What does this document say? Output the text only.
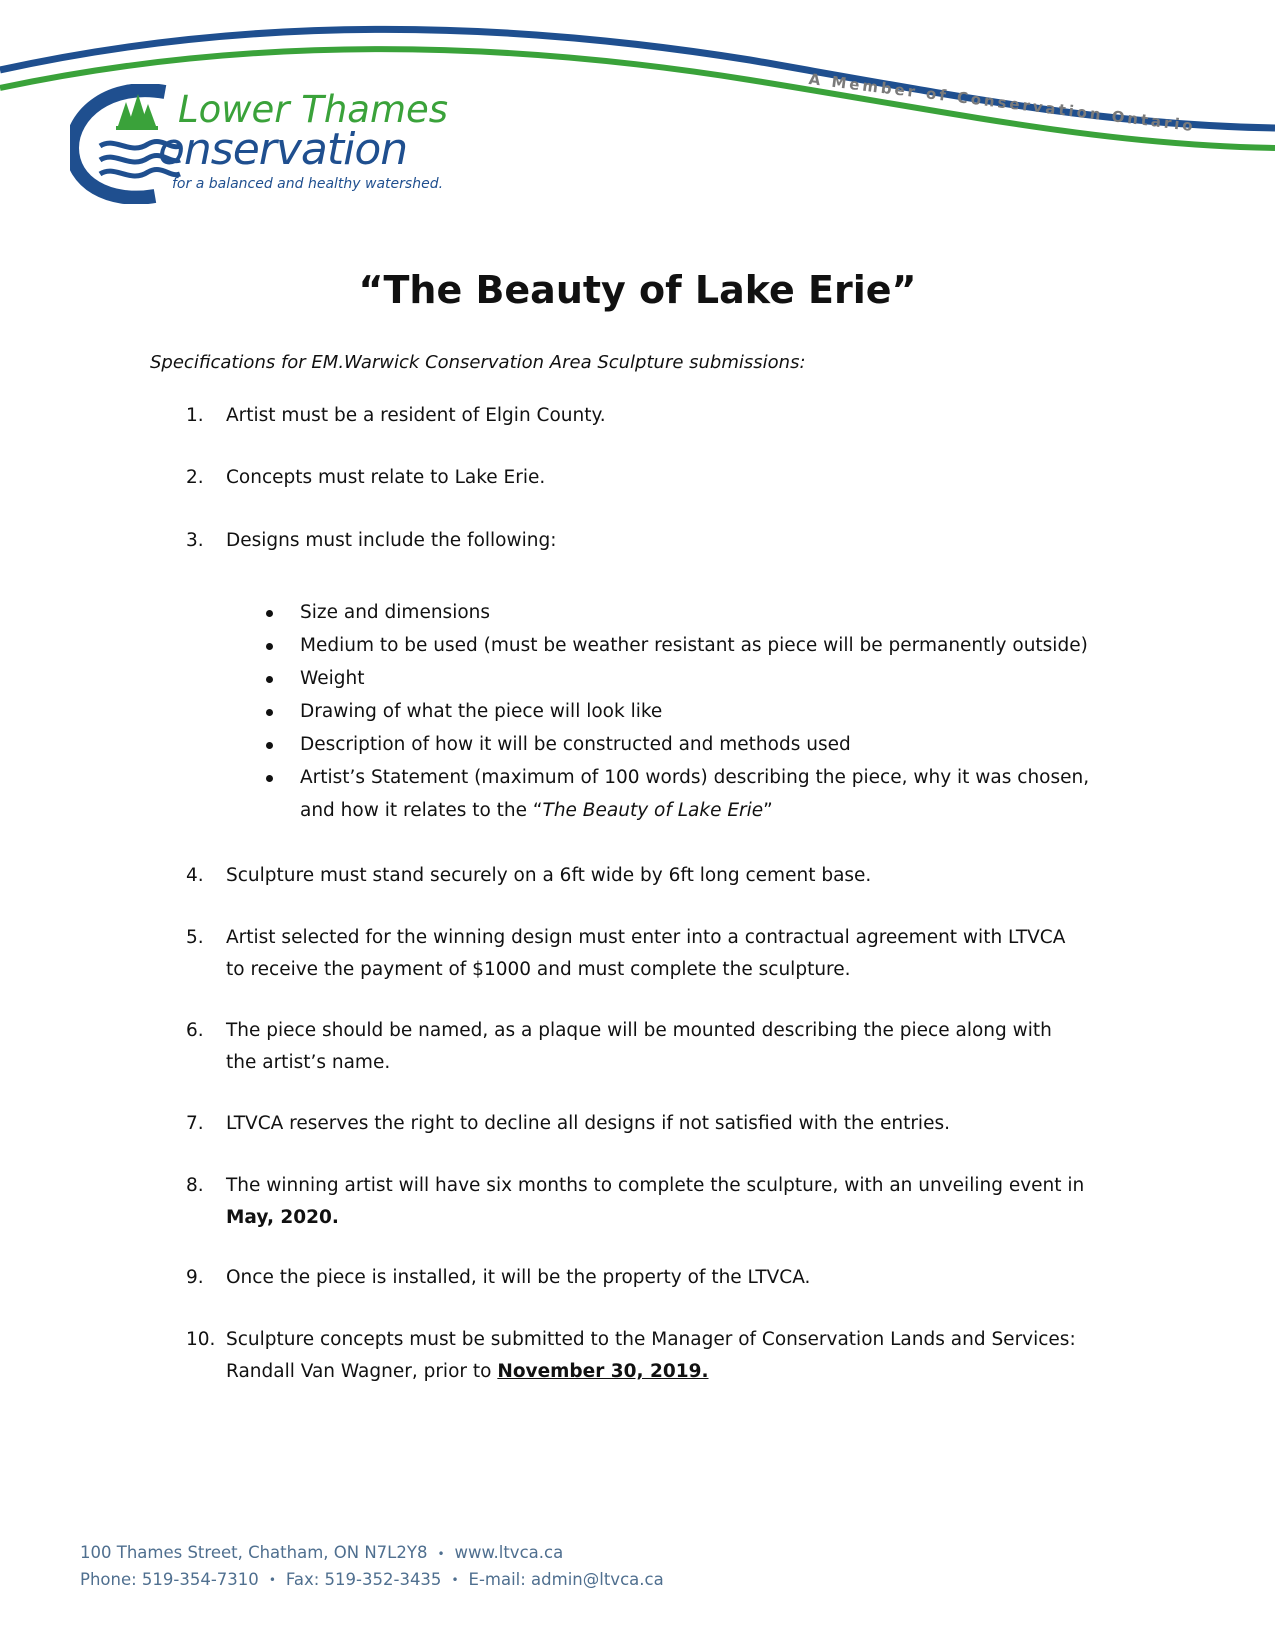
A Member of Conservation Ontario
Lower Thames
onservation
for a balanced and healthy watershed.
“The Beauty of Lake Erie”
Specifications for EM.Warwick Conservation Area Sculpture submissions:
1.	Artist must be a resident of Elgin County.
2.	Concepts must relate to Lake Erie.
3.	Designs must include the following:
Size and dimensions
Medium to be used (must be weather resistant as piece will be permanently outside)
Weight
Drawing of what the piece will look like
Description of how it will be constructed and methods used
Artist’s Statement (maximum of 100 words) describing the piece, why it was chosen, and how it relates to the “The Beauty of Lake Erie”
4.	Sculpture must stand securely on a 6ft wide by 6ft long cement base.
5.	Artist selected for the winning design must enter into a contractual agreement with LTVCA to receive the payment of $1000 and must complete the sculpture.
6.	The piece should be named, as a plaque will be mounted describing the piece along with the artist’s name.
7.	LTVCA reserves the right to decline all designs if not satisfied with the entries.
8.	The winning artist will have six months to complete the sculpture, with an unveiling event in May, 2020.
9.	Once the piece is installed, it will be the property of the LTVCA.
10. Sculpture concepts must be submitted to the Manager of Conservation Lands and Services: Randall Van Wagner, prior to November 30, 2019.
100 Thames Street, Chatham, ON N7L2Y8 • www.ltvca.ca
Phone: 519-354-7310 • Fax: 519-352-3435 • E-mail: admin@ltvca.ca
